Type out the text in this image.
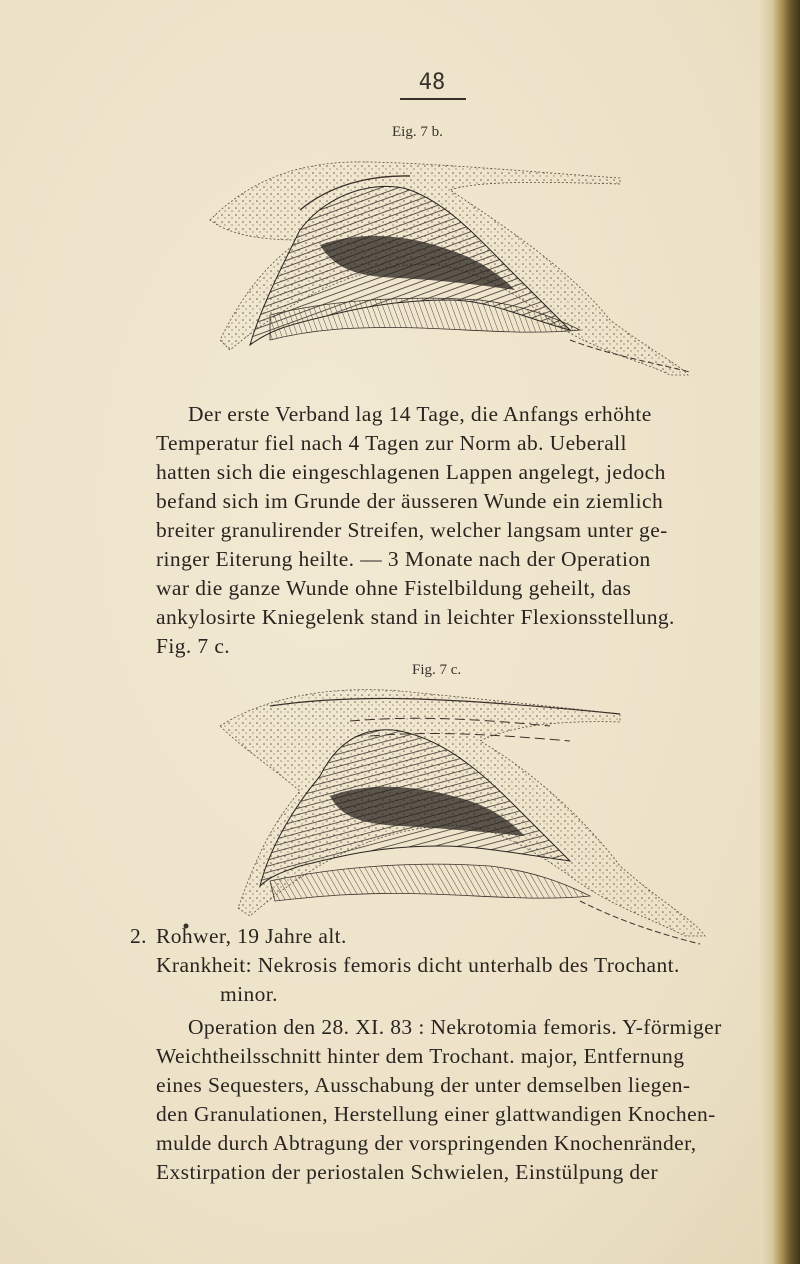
48
Eig. 7 b.
Der erste Verband lag 14 Tage, die Anfangs erhöhte
Temperatur fiel nach 4 Tagen zur Norm ab. Ueberall
hatten sich die eingeschlagenen Lappen angelegt, jedoch
befand sich im Grunde der äusseren Wunde ein ziemlich
breiter granulirender Streifen, welcher langsam unter ge-
ringer Eiterung heilte. — 3 Monate nach der Operation
war die ganze Wunde ohne Fistelbildung geheilt, das
ankylosirte Kniegelenk stand in leichter Flexionsstellung.
Fig. 7 c.
Fig. 7 c.
2. Rohwer, 19 Jahre alt.
Krankheit: Nekrosis femoris dicht unterhalb des Trochant.
minor.
Operation den 28. XI. 83 : Nekrotomia femoris. Y-förmiger
Weichtheilsschnitt hinter dem Trochant. major, Entfernung
eines Sequesters, Ausschabung der unter demselben liegen-
den Granulationen, Herstellung einer glattwandigen Knochen-
mulde durch Abtragung der vorspringenden Knochenränder,
Exstirpation der periostalen Schwielen, Einstülpung der
